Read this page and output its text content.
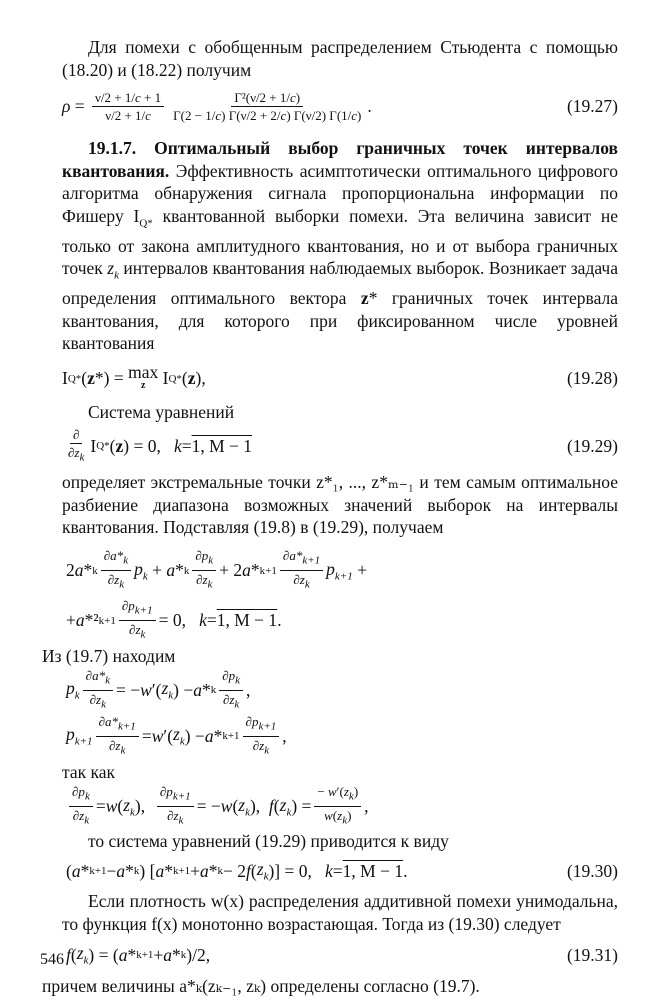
Для помехи с обобщенным распределением Стьюдента с помощью (18.20) и (18.22) получим

$\rho = \frac{\nu/2 + 1/c + 1}{\nu/2 + 1/c} \frac{\text{Γ²(ν/2 + 1/c)}}{\Gamma(2 - 1/c) \Gamma(\nu/2 + 2/c) \Gamma(\nu/2) \Gamma(1/c)}$ .	(19.27)

19.1.7. Оптимальный выбор граничных точек интервалов квантования. Эффективность асимптотически оптимального цифрового алгоритма обнаружения сигнала пропорциональна информации по Фишеру $I_{Q*}$ квантованной выборки помехи. Эта величина зависит не только от закона амплитудного квантования, но и от выбора граничных точек $z_k$ интервалов квантования наблюдаемых выборок. Возникает задача определения оптимального вектора z* граничных точек интервала квантования, для которого при фиксированном числе уровней квантования

I Q* ( z *) = max
z I Q* ( z ),	(19.28)

Система уравнений

$\frac{\partial}{\partial z_k}$ I Q* ( z ) = 0, k = 1, M − 1	(19.29)

определяет экстремальные точки z*₁, ..., z*ₘ₋₁ и тем самым оптимальное разбиение диапазона возможных значений выборок на интервалы квантования. Подставляя (19.8) в (19.29), получаем

2 a * k $\frac{\partial a*_k}{\partial z_k} p_k + a * k \frac{\partial p_k}{\partial z_k} + 2$ $a * k+1 \frac{\partial a*_{k+1}}{\partial z_k} p_{k+1}$ +
+ a *² $k+1 \frac{\partial p_{k+1}}{\partial z_k} = 0$, k = 1, M − 1 .

Из (19.7) находим

$p_k \frac{\partial a*_k}{\partial z_k}$ = − w ′( $z_k$ ) − a * k $\frac{\partial p_k}{\partial z_k}$ ,
$p_{k+1} \frac{\partial a*_{k+1}}{\partial z_k} = w$ ′( $z_k$ ) − $a * k+1 \frac{\partial p_{k+1}}{\partial z_k}$ ,

так как

$\frac{\partial p_k}{\partial z_k} = w$ ( $z_k$ ), $\frac{\partial p_{k+1}}{\partial z_k}$ = − w ( $z_k$ ), f ( $z_k$ ) = $\frac{- w'(z_k)}{w(z_k)}$ ,

то система уравнений (19.29) приводится к виду

( a * k+1 − a * k ) [ a * k+1 + a * k − 2 f ( $z_k$ )] = 0, k = 1, M − 1 .	(19.30)

Если плотность w(x) распределения аддитивной помехи унимодальна, то функция f(x) монотонно возрастающая. Тогда из (19.30) следует

f ( $z_k$ ) = ( a * k+1 + a * k )/2,	(19.31)

причем величины a*ₖ(zₖ₋₁, zₖ) определены согласно (19.7).

546
